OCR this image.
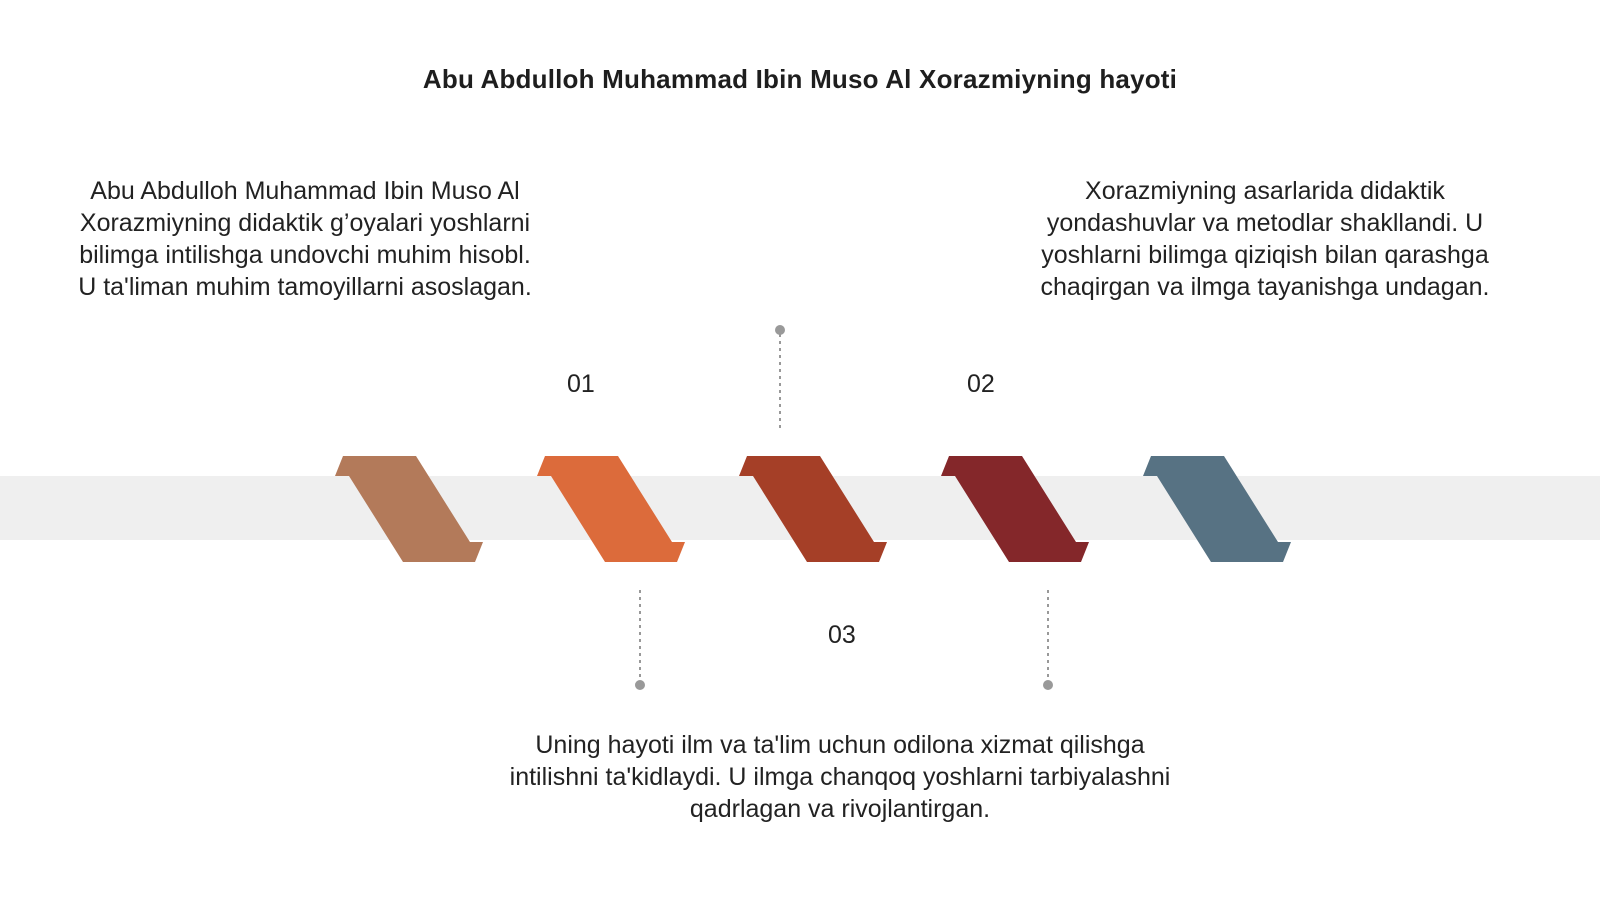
Abu Abdulloh Muhammad Ibin Muso Al Xorazmiyning hayoti
Abu Abdulloh Muhammad Ibin Muso Al Xorazmiyning didaktik g’oyalari yoshlarni bilimga intilishga undovchi muhim hisobl. U ta'liman muhim tamoyillarni asoslagan.
01
Xorazmiyning asarlarida didaktik yondashuvlar va metodlar shakllandi. U yoshlarni bilimga qiziqish bilan qarashga chaqirgan va ilmga tayanishga undagan.
02
03
Uning hayoti ilm va ta'lim uchun odilona xizmat qilishga intilishni ta'kidlaydi. U ilmga chanqoq yoshlarni tarbiyalashni qadrlagan va rivojlantirgan.
